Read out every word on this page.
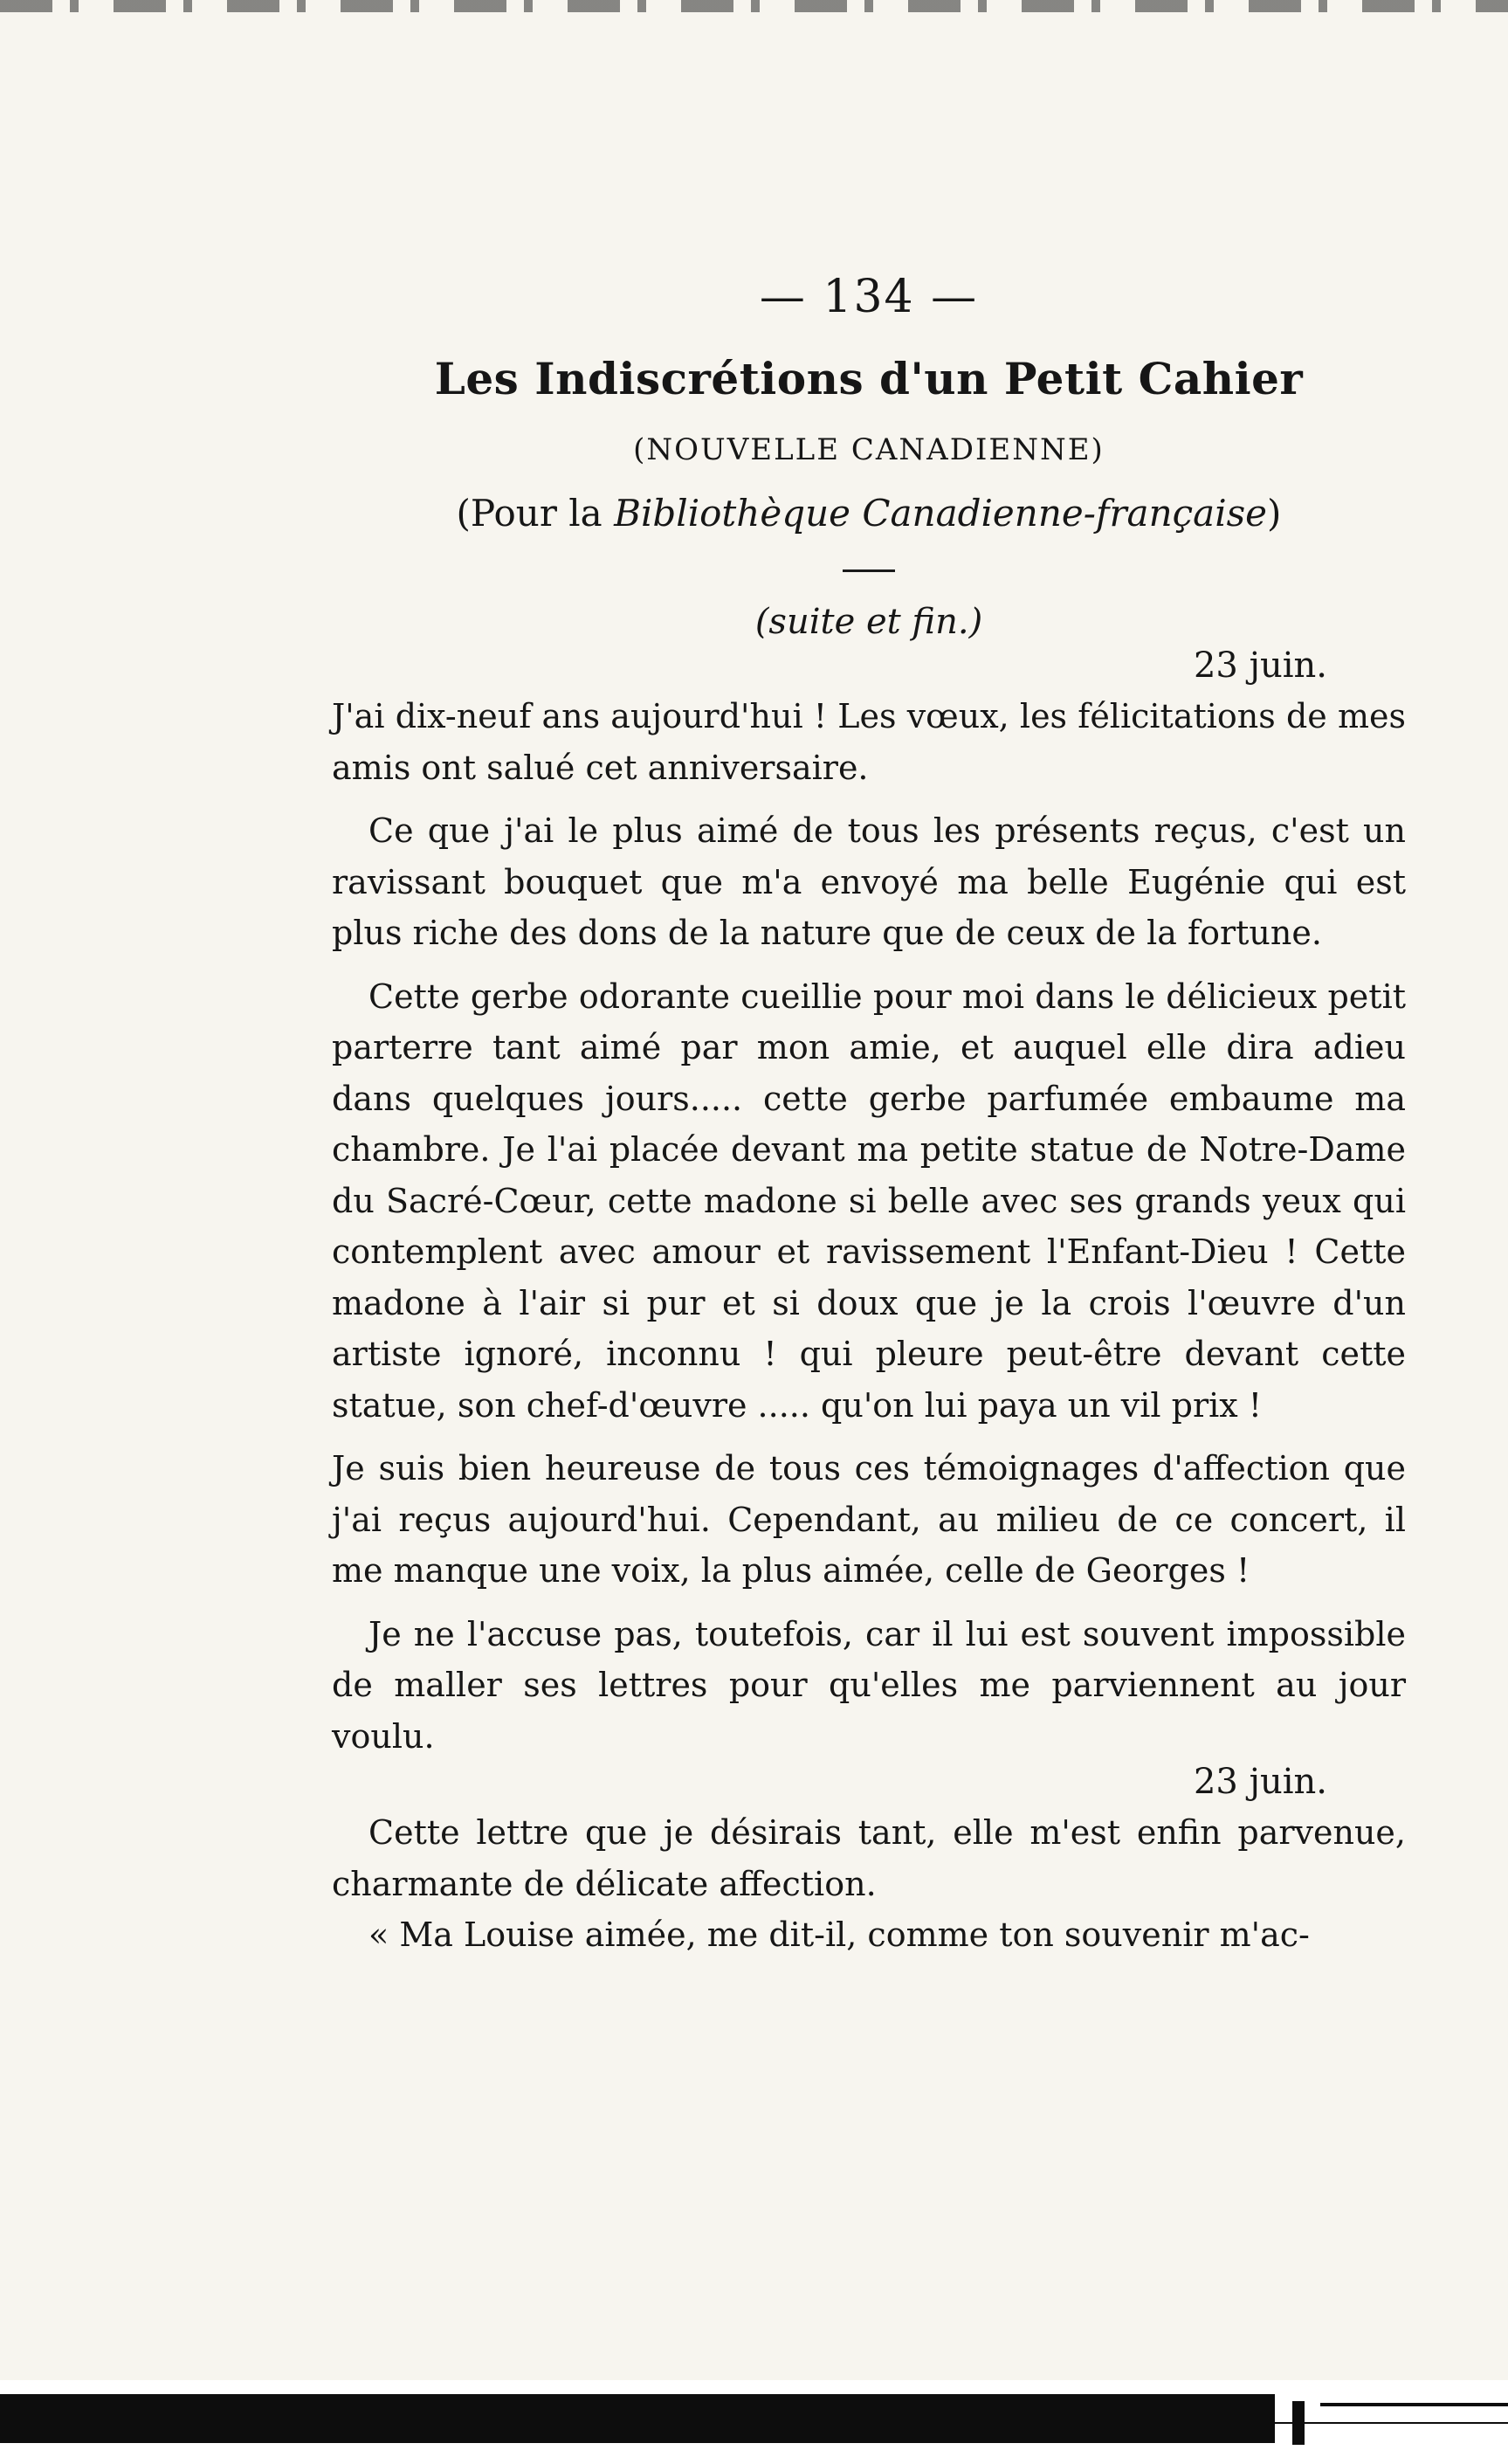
— 134 —
Les Indiscrétions d'un Petit Cahier
(NOUVELLE CANADIENNE)
(Pour la Bibliothèque Canadienne-française)
(suite et fin.)
23 juin.

J'ai dix-neuf ans aujourd'hui ! Les vœux, les félicitations de mes amis ont salué cet anniversaire.

Ce que j'ai le plus aimé de tous les présents reçus, c'est un ravissant bouquet que m'a envoyé ma belle Eugénie qui est plus riche des dons de la nature que de ceux de la fortune.

Cette gerbe odorante cueillie pour moi dans le délicieux petit parterre tant aimé par mon amie, et auquel elle dira adieu dans quelques jours..... cette gerbe parfumée embaume ma chambre. Je l'ai placée devant ma petite statue de Notre-Dame du Sacré-Cœur, cette madone si belle avec ses grands yeux qui contemplent avec amour et ravissement l'Enfant-Dieu ! Cette madone à l'air si pur et si doux que je la crois l'œuvre d'un artiste ignoré, inconnu ! qui pleure peut-être devant cette statue, son chef-d'œuvre ..... qu'on lui paya un vil prix !

Je suis bien heureuse de tous ces témoignages d'affection que j'ai reçus aujourd'hui. Cependant, au milieu de ce concert, il me manque une voix, la plus aimée, celle de Georges !

Je ne l'accuse pas, toutefois, car il lui est souvent impossible de maller ses lettres pour qu'elles me parviennent au jour voulu.

23 juin.

Cette lettre que je désirais tant, elle m'est enfin parvenue, charmante de délicate affection.

« Ma Louise aimée, me dit-il, comme ton souvenir m'ac-
